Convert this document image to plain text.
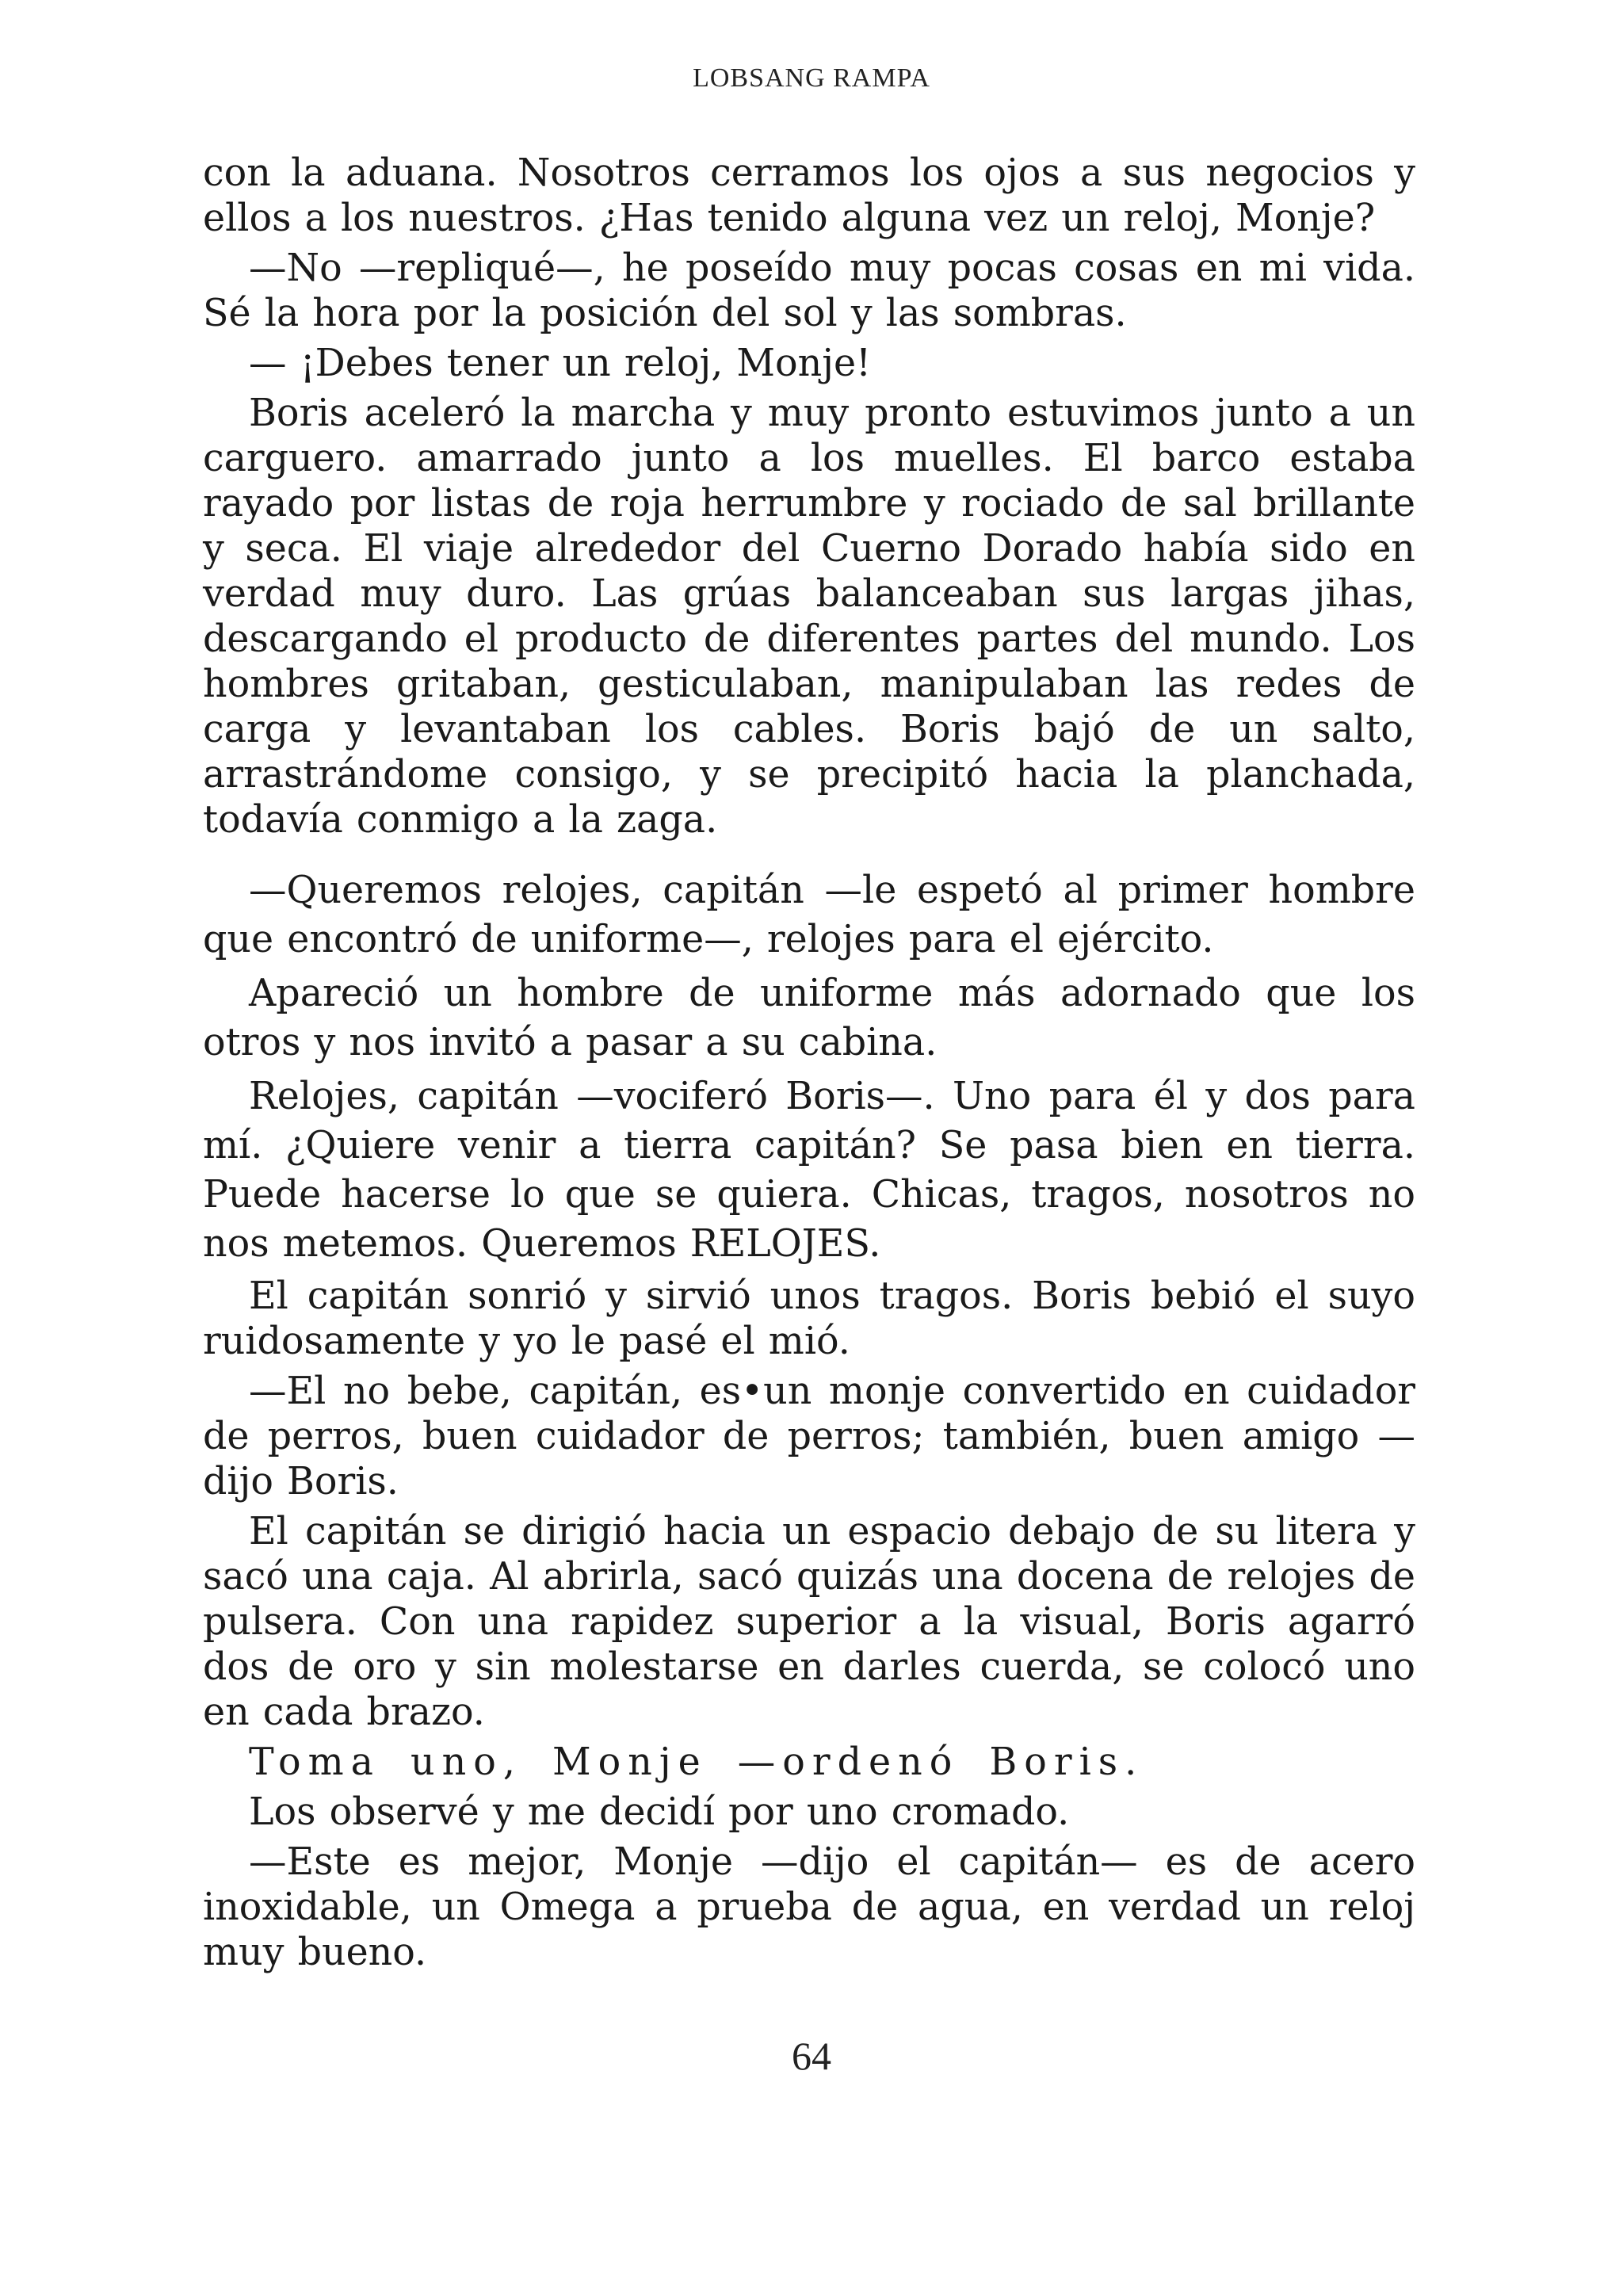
LOBSANG RAMPA

con la aduana. Nosotros cerramos los ojos a sus negocios y ellos a los nuestros. ¿Has tenido alguna vez un reloj, Monje?

—No —repliqué—, he poseído muy pocas cosas en mi vida. Sé la hora por la posición del sol y las sombras.

— ¡Debes tener un reloj, Monje!

Boris aceleró la marcha y muy pronto estuvimos junto a un carguero. amarrado junto a los muelles. El barco estaba rayado por listas de roja herrumbre y rociado de sal brillante y seca. El viaje alrededor del Cuerno Dorado había sido en verdad muy duro. Las grúas balanceaban sus largas jihas, descargando el producto de diferentes partes del mundo. Los hombres gritaban, gesticulaban, manipulaban las redes de carga y levantaban los cables. Boris bajó de un salto, arrastrándome consigo, y se precipitó hacia la planchada, todavía conmigo a la zaga.

—Queremos relojes, capitán —le espetó al primer hombre que encontró de uniforme—, relojes para el ejército.

Apareció un hombre de uniforme más adornado que los otros y nos invitó a pasar a su cabina.

Relojes, capitán —vociferó Boris—. Uno para él y dos para mí. ¿Quiere venir a tierra capitán? Se pasa bien en tierra. Puede hacerse lo que se quiera. Chicas, tragos, nosotros no nos metemos. Queremos RELOJES.

El capitán sonrió y sirvió unos tragos. Boris bebió el suyo ruidosamente y yo le pasé el mió.

—El no bebe, capitán, es•un monje convertido en cuidador de perros, buen cuidador de perros; también, buen amigo —dijo Boris.

El capitán se dirigió hacia un espacio debajo de su litera y sacó una caja. Al abrirla, sacó quizás una docena de relojes de pulsera. Con una rapidez superior a la visual, Boris agarró dos de oro y sin molestarse en darles cuerda, se colocó uno en cada brazo.

Toma uno, Monje —ordenó Boris.

Los observé y me decidí por uno cromado.

—Este es mejor, Monje —dijo el capitán— es de acero inoxidable, un Omega a prueba de agua, en verdad un reloj muy bueno.

64
